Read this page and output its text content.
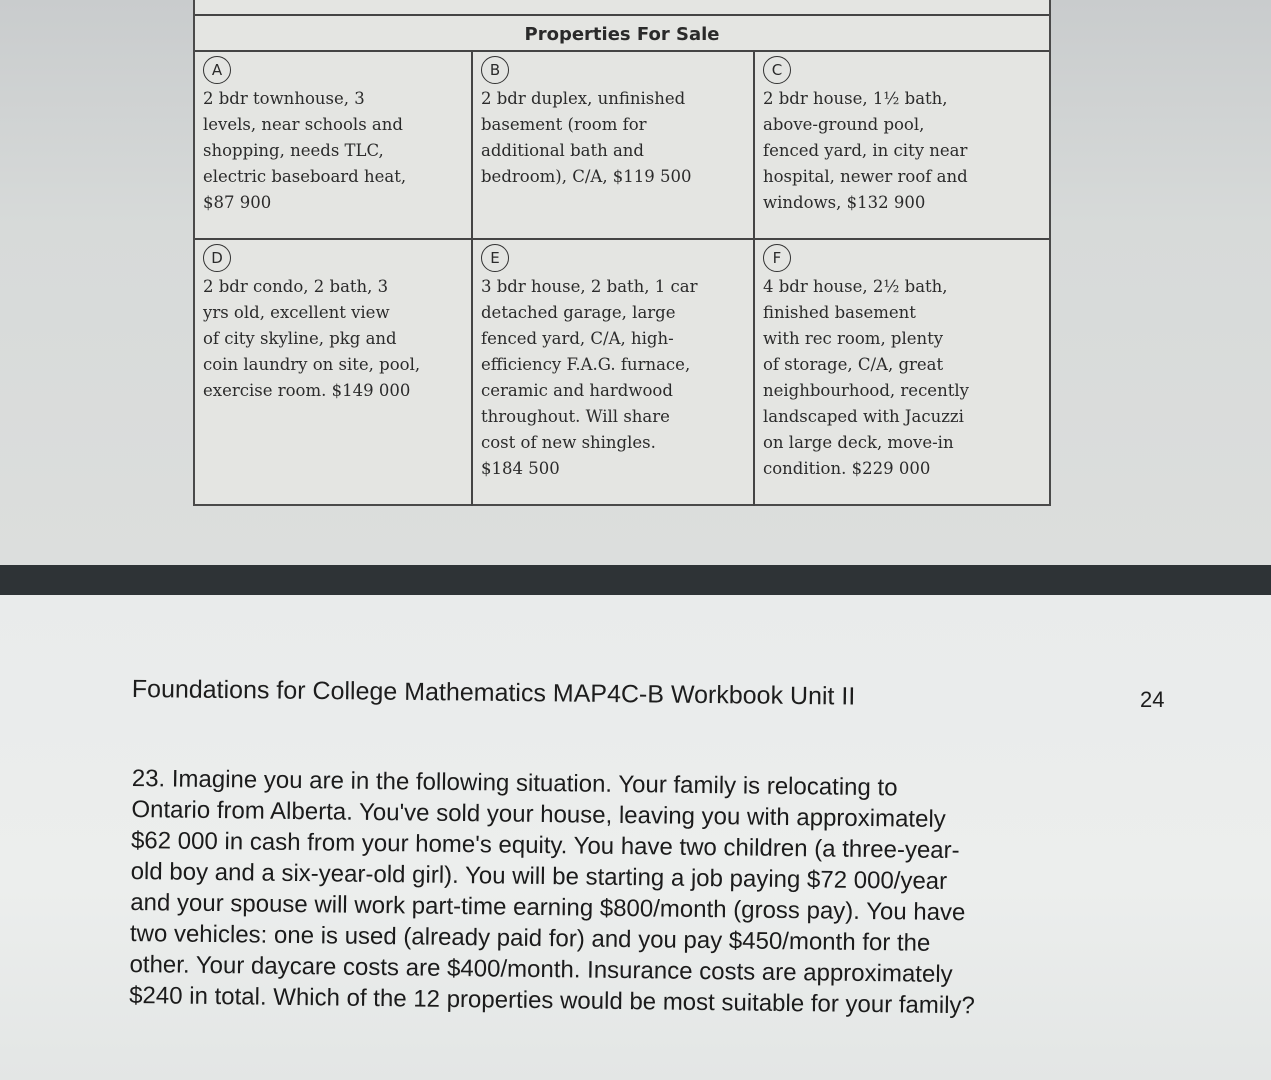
Properties For Sale
A
2 bdr townhouse, 3
levels, near schools and
shopping, needs TLC,
electric baseboard heat,
$87 900
B
2 bdr duplex, unfinished
basement (room for
additional bath and
bedroom), C/A, $119 500
C
2 bdr house, 1½ bath,
above-ground pool,
fenced yard, in city near
hospital, newer roof and
windows, $132 900
D
2 bdr condo, 2 bath, 3
yrs old, excellent view
of city skyline, pkg and
coin laundry on site, pool,
exercise room. $149 000
E
3 bdr house, 2 bath, 1 car
detached garage, large
fenced yard, C/A, high-
efficiency F.A.G. furnace,
ceramic and hardwood
throughout. Will share
cost of new shingles.
$184 500
F
4 bdr house, 2½ bath,
finished basement
with rec room, plenty
of storage, C/A, great
neighbourhood, recently
landscaped with Jacuzzi
on large deck, move-in
condition. $229 000
Foundations for College Mathematics MAP4C-B Workbook Unit II	24
23. Imagine you are in the following situation. Your family is relocating to
Ontario from Alberta. You've sold your house, leaving you with approximately
$62 000 in cash from your home's equity. You have two children (a three-year-
old boy and a six-year-old girl). You will be starting a job paying $72 000/year
and your spouse will work part-time earning $800/month (gross pay). You have
two vehicles: one is used (already paid for) and you pay $450/month for the
other. Your daycare costs are $400/month. Insurance costs are approximately
$240 in total. Which of the 12 properties would be most suitable for your family?
